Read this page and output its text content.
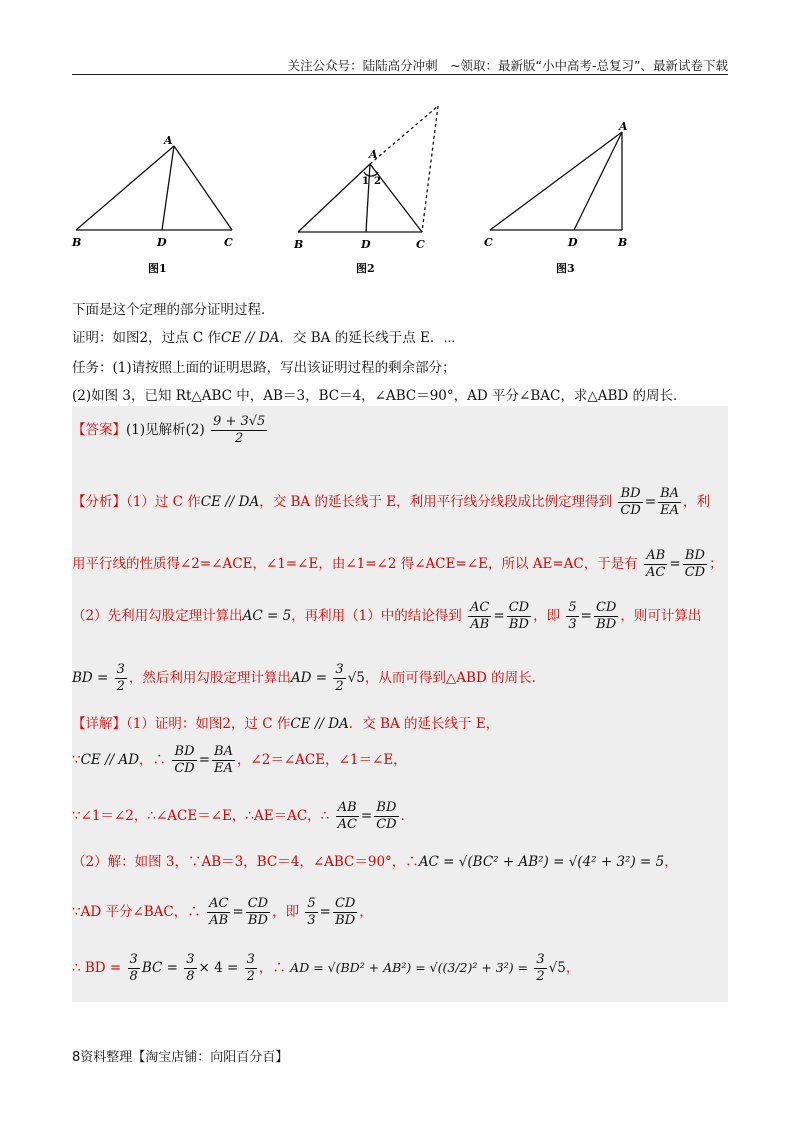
关注公众号：陆陆高分冲刺　~领取：最新版“小中高考-总复习”、最新试卷下载
A
B	D	C
图1
A
1 2
B	D	C
图2
A
C	D	B
图3
下面是这个定理的部分证明过程．
证明：如图2，过点 C 作CE // DA．交 BA 的延长线于点 E．⋯
任务：(1)请按照上面的证明思路，写出该证明过程的剩余部分；
(2)如图 3，已知 Rt△ABC 中，AB＝3，BC＝4，∠ABC＝90°，AD 平分∠BAC，求△ABD 的周长．
【答案】(1)见解析$(2) \frac{9 + 3√5}{2}$
【分析】（1）过 C 作CE // DA，交 BA 的延长线于 E，利用平行线分线段成比例定理得到 $\frac{BD}{CD} = \frac{BA}{EA}$ ，利
用平行线的性质得∠2=∠ACE，∠1=∠E，由∠1=∠2 得∠ACE=∠E，所以 AE=AC，于是有 $\frac{AB}{AC} = \frac{BD}{CD}$ ；
（2）先利用勾股定理计算出AC = 5，再利用（1）中的结论得到 $\frac{AC}{AB} = \frac{CD}{BD}$ ，即 $\frac{5}{3} = \frac{CD}{BD}$ ，则可计算出
BD = $\frac{3}{2}$ ，然后利用勾股定理计算出AD = $\frac{3}{2} √5$，从而可得到△ABD 的周长.
【详解】（1）证明：如图2，过 C 作CE // DA．交 BA 的延长线于 E，
∵CE // AD，∴ $\frac{BD}{CD} = \frac{BA}{EA}$ ，∠2＝∠ACE，∠1＝∠E，
∵∠1＝∠2，∴∠ACE＝∠E，∴AE＝AC，∴ $\frac{AB}{AC} = \frac{BD}{CD}$ ．
（2）解：如图 3，∵AB＝3，BC＝4，∠ABC＝90°，∴AC = √(BC² + AB²) = √(4² + 3²) = 5，
∵AD 平分∠BAC，∴ $\frac{AC}{AB} = \frac{CD}{BD}$ ，即 $\frac{5}{3} = \frac{CD}{BD}$ ，
∴ BD = $\frac{3}{8}$ BC = $\frac{3}{8} \times 4 = \frac{3}{2}$ ，∴ AD = $√(BD^2 + AB^2) = √((3/2)^2 + 3^2) = \frac{3}{2} √5$，
8资料整理【淘宝店铺：向阳百分百】
